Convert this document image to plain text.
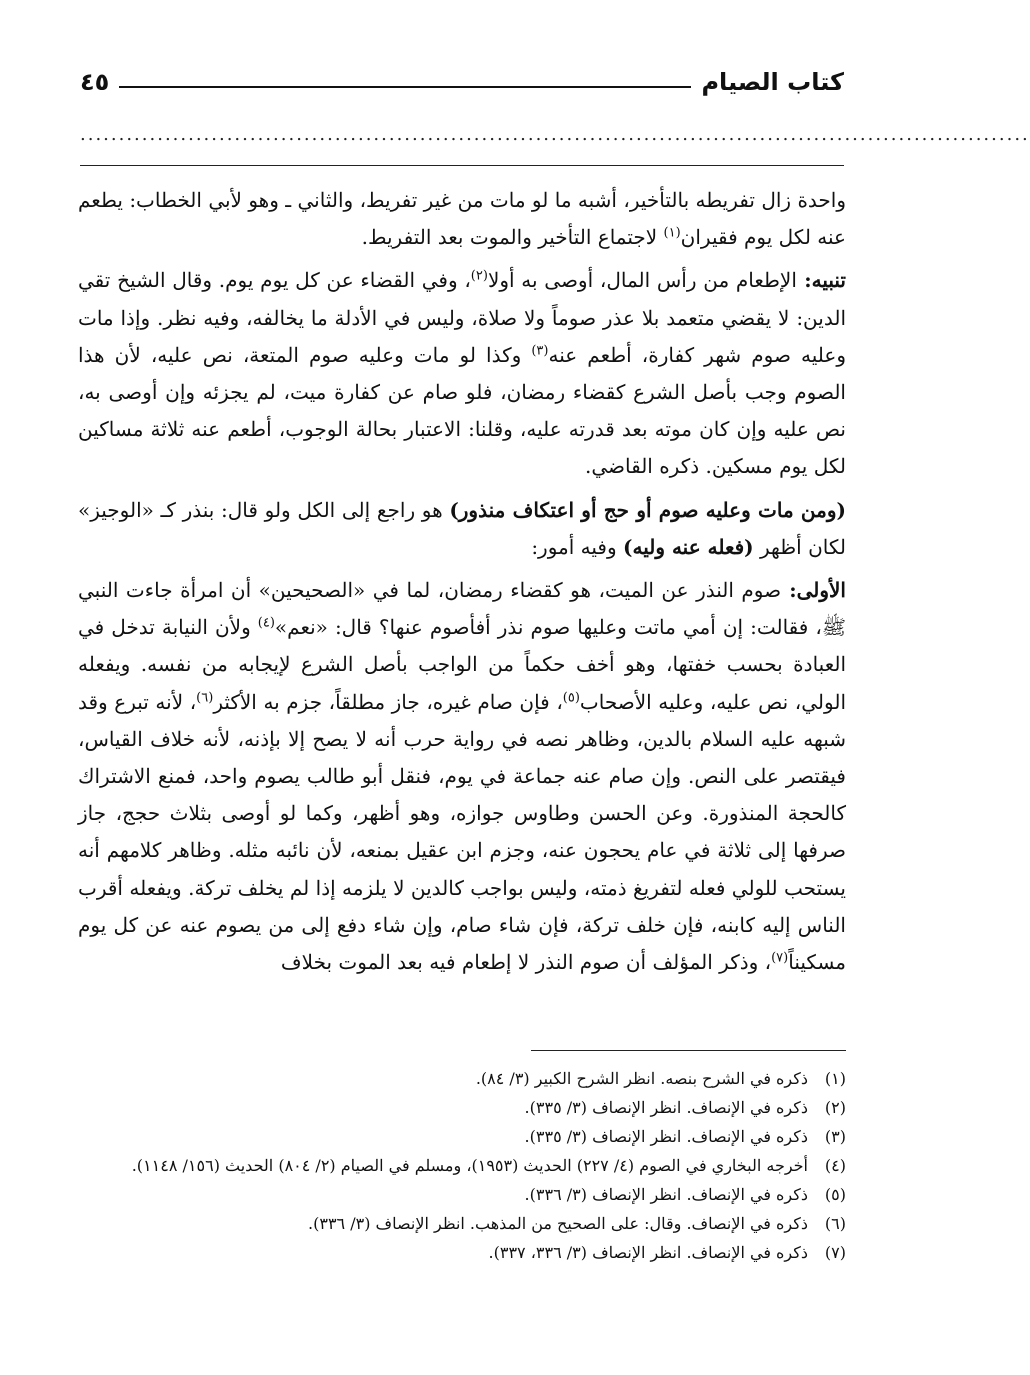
كتاب الصيام
٤٥
...........................................................................................................................

واحدة زال تفريطه بالتأخير، أشبه ما لو مات من غير تفريط، والثاني ـ وهو لأبي الخطاب: يطعم عنه لكل يوم فقيران$^{(١)}$ لاجتماع التأخير والموت بعد التفريط.

تنبيه: الإطعام من رأس المال، أوصى به أولا$^{(٢)}$، وفي القضاء عن كل يوم يوم. وقال الشيخ تقي الدين: لا يقضي متعمد بلا عذر صوماً ولا صلاة، وليس في الأدلة ما يخالفه، وفيه نظر. وإذا مات وعليه صوم شهر كفارة، أطعم عنه$^{(٣)}$ وكذا لو مات وعليه صوم المتعة، نص عليه، لأن هذا الصوم وجب بأصل الشرع كقضاء رمضان، فلو صام عن كفارة ميت، لم يجزئه وإن أوصى به، نص عليه وإن كان موته بعد قدرته عليه، وقلنا: الاعتبار بحالة الوجوب، أطعم عنه ثلاثة مساكين لكل يوم مسكين. ذكره القاضي.

(ومن مات وعليه صوم أو حج أو اعتكاف منذور) هو راجع إلى الكل ولو قال: بنذر كـ «الوجيز» لكان أظهر (فعله عنه وليه) وفيه أمور:

الأولى: صوم النذر عن الميت، هو كقضاء رمضان، لما في «الصحيحين» أن امرأة جاءت النبي ﷺ، فقالت: إن أمي ماتت وعليها صوم نذر أفأصوم عنها؟ قال: «نعم»$^{(٤)}$ ولأن النيابة تدخل في العبادة بحسب خفتها، وهو أخف حكماً من الواجب بأصل الشرع لإيجابه من نفسه. ويفعله الولي، نص عليه، وعليه الأصحاب$^{(٥)}$، فإن صام غيره، جاز مطلقاً، جزم به الأكثر$^{(٦)}$، لأنه تبرع وقد شبهه عليه السلام بالدين، وظاهر نصه في رواية حرب أنه لا يصح إلا بإذنه، لأنه خلاف القياس، فيقتصر على النص. وإن صام عنه جماعة في يوم، فنقل أبو طالب يصوم واحد، فمنع الاشتراك كالحجة المنذورة. وعن الحسن وطاوس جوازه، وهو أظهر، وكما لو أوصى بثلاث حجج، جاز صرفها إلى ثلاثة في عام يحجون عنه، وجزم ابن عقيل بمنعه، لأن نائبه مثله. وظاهر كلامهم أنه يستحب للولي فعله لتفريغ ذمته، وليس بواجب كالدين لا يلزمه إذا لم يخلف تركة. ويفعله أقرب الناس إليه كابنه، فإن خلف تركة، فإن شاء صام، وإن شاء دفع إلى من يصوم عنه عن كل يوم مسكيناً$^{(٧)}$، وذكر المؤلف أن صوم النذر لا إطعام فيه بعد الموت بخلاف

(١)
ذكره في الشرح بنصه. انظر الشرح الكبير (٣/ ٨٤).
(٢)
ذكره في الإنصاف. انظر الإنصاف (٣/ ٣٣٥).
(٣)
ذكره في الإنصاف. انظر الإنصاف (٣/ ٣٣٥).
(٤)
أخرجه البخاري في الصوم (٤/ ٢٢٧) الحديث (١٩٥٣)، ومسلم في الصيام (٢/ ٨٠٤) الحديث (١٥٦/ ١١٤٨).
(٥)
ذكره في الإنصاف. انظر الإنصاف (٣/ ٣٣٦).
(٦)
ذكره في الإنصاف. وقال: على الصحيح من المذهب. انظر الإنصاف (٣/ ٣٣٦).
(٧)
ذكره في الإنصاف. انظر الإنصاف (٣/ ٣٣٦، ٣٣٧).
